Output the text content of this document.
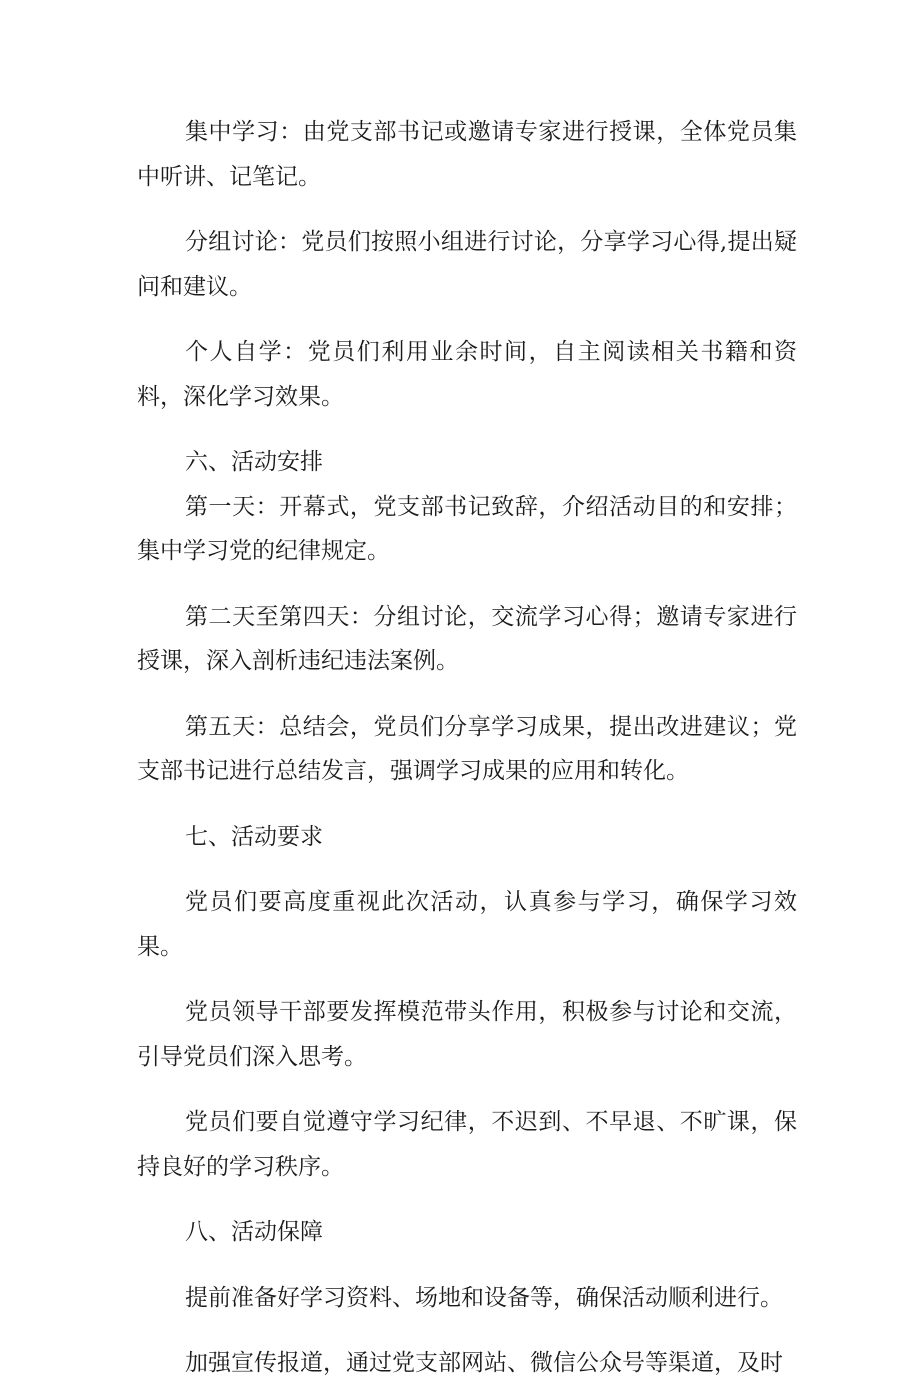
集中学习：由党支部书记或邀请专家进行授课，全体党员集中听讲、记笔记。

分组讨论：党员们按照小组进行讨论，分享学习心得,提出疑问和建议。

个人自学：党员们利用业余时间，自主阅读相关书籍和资料，深化学习效果。

六、活动安排

第一天：开幕式，党支部书记致辞，介绍活动目的和安排；集中学习党的纪律规定。

第二天至第四天：分组讨论，交流学习心得；邀请专家进行授课，深入剖析违纪违法案例。

第五天：总结会，党员们分享学习成果，提出改进建议；党支部书记进行总结发言，强调学习成果的应用和转化。

七、活动要求

党员们要高度重视此次活动，认真参与学习，确保学习效果。

党员领导干部要发挥模范带头作用，积极参与讨论和交流，引导党员们深入思考。

党员们要自觉遵守学习纪律，不迟到、不早退、不旷课，保持良好的学习秩序。

八、活动保障

提前准备好学习资料、场地和设备等，确保活动顺利进行。

加强宣传报道，通过党支部网站、微信公众号等渠道，及时
